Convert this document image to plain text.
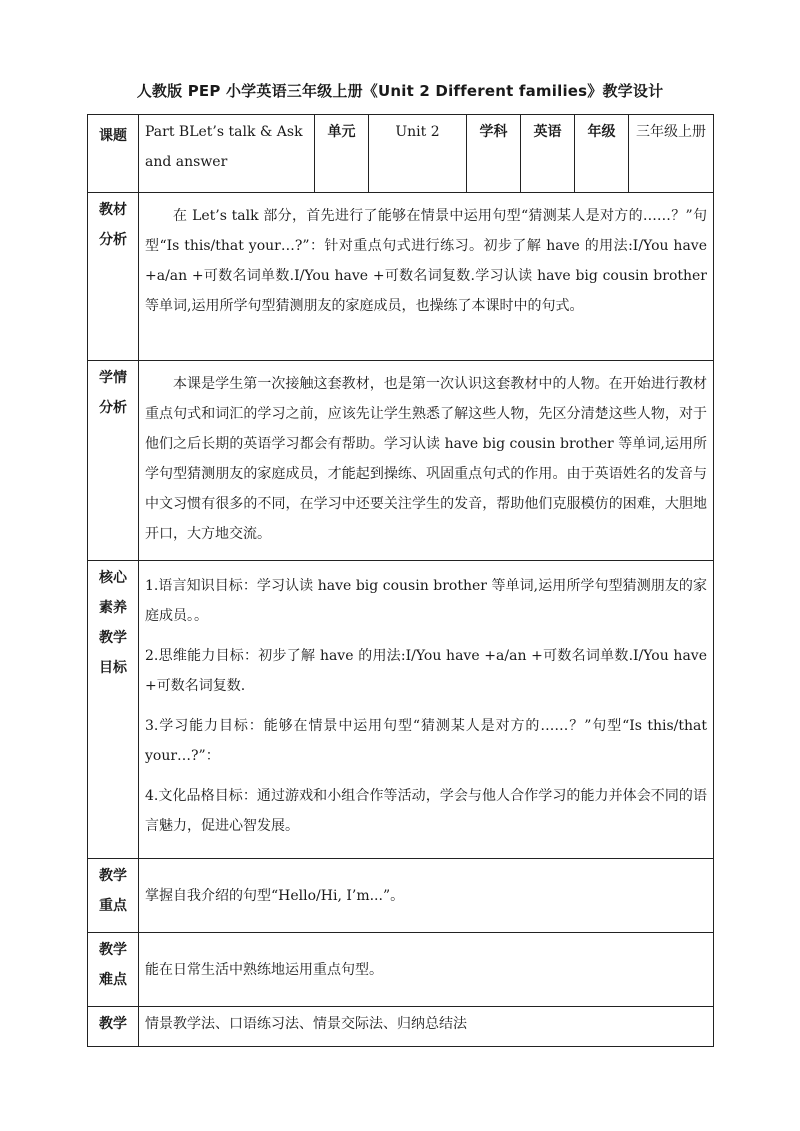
人教版 PEP 小学英语三年级上册《Unit 2 Different families》教学设计
课题	Part BLet’s talk & Ask and answer	单元	Unit 2	学科	英语	年级	三年级上册
教材分析	在 Let’s talk 部分，首先进行了能够在情景中运用句型“猜测某人是对方的……？”句型“Is this/that your…?”：针对重点句式进行练习。初步了解 have 的用法:I/You have +a/an +可数名词单数.I/You have +可数名词复数.学习认读 have big cousin brother 等单词,运用所学句型猜测朋友的家庭成员，也操练了本课时中的句式。						

学情分析	本课是学生第一次接触这套教材，也是第一次认识这套教材中的人物。在开始进行教材重点句式和词汇的学习之前，应该先让学生熟悉了解这些人物，先区分清楚这些人物，对于他们之后长期的英语学习都会有帮助。学习认读 have big cousin brother 等单词,运用所学句型猜测朋友的家庭成员，才能起到操练、巩固重点句式的作用。由于英语姓名的发音与中文习惯有很多的不同，在学习中还要关注学生的发音，帮助他们克服模仿的困难，大胆地开口，大方地交流。						

核心素养教学目标	1.语言知识目标：学习认读 have big cousin brother 等单词,运用所学句型猜测朋友的家庭成员。。

2.思维能力目标：初步了解 have 的用法:I/You have +a/an +可数名词单数.I/You have +可数名词复数.

3.学习能力目标：能够在情景中运用句型“猜测某人是对方的……？”句型“Is this/that your…?”：

4.文化品格目标：通过游戏和小组合作等活动，学会与他人合作学习的能力并体会不同的语言魅力，促进心智发展。						

教学重点	掌握自我介绍的句型“Hello/Hi, I’m...”。						
教学难点	能在日常生活中熟练地运用重点句型。						
教学	情景教学法、口语练习法、情景交际法、归纳总结法						
